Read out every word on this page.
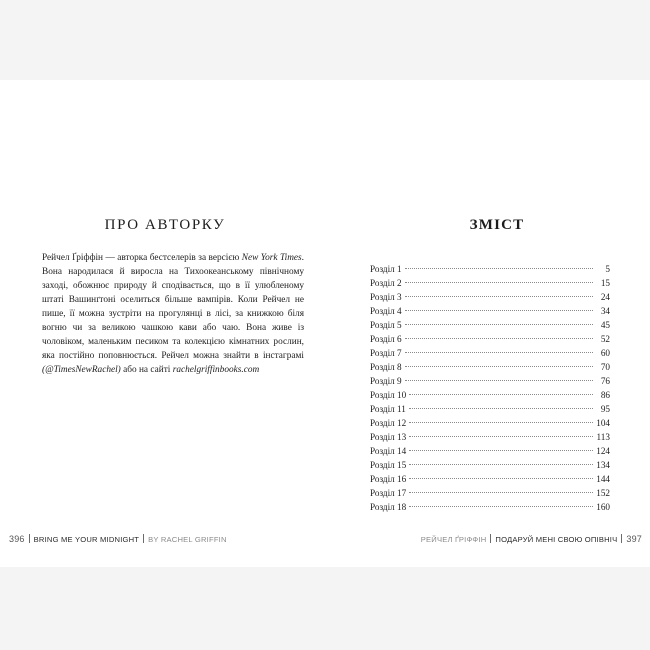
ПРО АВТОРКУ

Рейчел Ґріффін — авторка бестселерів за версією New York Times. Вона народилася й виросла на Тихоокеанському північному заході, обожнює природу й сподівається, що в її улюбленому штаті Вашинґтоні оселиться більше вампірів. Коли Рейчел не пише, її можна зустріти на прогулянці в лісі, за книжкою біля вогню чи за великою чашкою кави або чаю. Вона живе із чоловіком, маленьким песиком та колекцією кімнатних рослин, яка постійно поповнюється. Рейчел можна знайти в інстаграмі (@TimesNewRachel) або на сайті rachelgriffinbooks.com

396 BRING ME YOUR MIDNIGHT BY RACHEL GRIFFIN
ЗМІСТ
Розділ 1	5
Розділ 2	15
Розділ 3	24
Розділ 4	34
Розділ 5	45
Розділ 6	52
Розділ 7	60
Розділ 8	70
Розділ 9	76
Розділ 10	86
Розділ 11	95
Розділ 12	104
Розділ 13	113
Розділ 14	124
Розділ 15	134
Розділ 16	144
Розділ 17	152
Розділ 18	160
РЕЙЧЕЛ ҐРІФФІН ПОДАРУЙ МЕНІ СВОЮ ОПІВНІЧ 397
